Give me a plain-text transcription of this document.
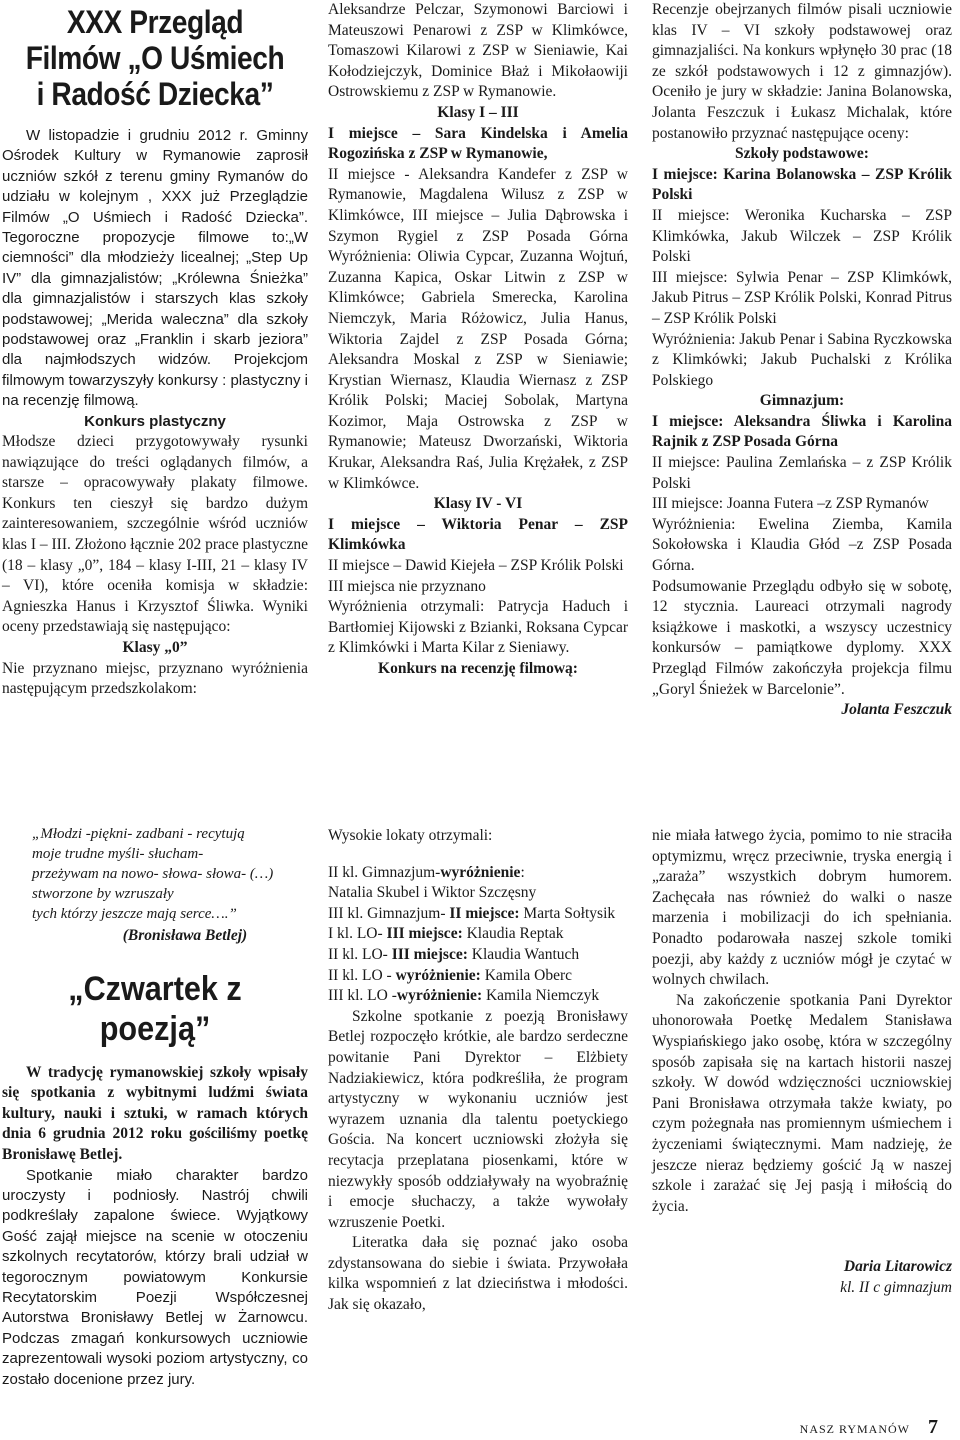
XXX Przegląd
Filmów „O Uśmiech
i Radość Dziecka”

W listopadzie i grudniu 2012 r. Gminny Ośrodek Kultury w Rymanowie zaprosił uczniów szkół z terenu gminy Rymanów do udziału w kolejnym , XXX już Przeglądzie Filmów „O Uśmiech i Radość Dziecka”. Tegoroczne propozycje filmowe to:„W ciemności” dla młodzieży licealnej; „Step Up IV” dla gimnazjalistów; „Królewna Śnieżka” dla gimnazjalistów i starszych klas szkoły podstawowej; „Merida waleczna” dla szkoły podstawowej oraz „Franklin i skarb jeziora” dla najmłodszych widzów. Projekcjom filmowym towarzyszyły konkursy : plastyczny i na recenzję filmową.

Konkurs plastyczny

Młodsze dzieci przygotowywały rysunki nawiązujące do treści oglądanych filmów, a starsze – opracowywały plakaty filmowe. Konkurs ten cieszył się bardzo dużym zainteresowaniem, szczególnie wśród uczniów klas I – III. Złożono łącznie 202 prace plastyczne (18 – klasy „0”, 184 – klasy I-III, 21 – klasy IV – VI), które oceniła komisja w składzie: Agnieszka Hanus i Krzysztof Śliwka. Wyniki oceny przedstawiają się następująco:

Klasy „0”

Nie przyznano miejsc, przyznano wyróżnienia następującym przedszkolakom:

Aleksandrze Pelczar, Szymonowi Barciowi i Mateuszowi Penarowi z ZSP w Klimkówce, Tomaszowi Kilarowi z ZSP w Sieniawie, Kai Kołodziejczyk, Dominice Błaż i Mikołaowiji Ostrowskiemu z ZSP w Rymanowie.

Klasy I – III

I miejsce – Sara Kindelska i Amelia Rogozińska z ZSP w Rymanowie,

II miejsce - Aleksandra Kandefer z ZSP w Rymanowie, Magdalena Wilusz z ZSP w Klimkówce, III miejsce – Julia Dąbrowska i Szymon Rygiel z ZSP Posada Górna Wyróżnienia: Oliwia Cypcar, Zuzanna Wojtuń, Zuzanna Kapica, Oskar Litwin z ZSP w Klimkówce; Gabriela Smerecka, Karolina Niemczyk, Maria Różowicz, Julia Hanus, Wiktoria Zajdel z ZSP Posada Górna; Aleksandra Moskal z ZSP w Sieniawie; Krystian Wiernasz, Klaudia Wiernasz z ZSP Królik Polski; Maciej Sobolak, Martyna Kozimor, Maja Ostrowska z ZSP w Rymanowie; Mateusz Dworzański, Wiktoria Krukar, Aleksandra Raś, Julia Krężałek, z ZSP w Klimkówce.

Klasy IV - VI

I miejsce – Wiktoria Penar – ZSP Klimkówka

II miejsce – Dawid Kiejeła – ZSP Królik Polski
III miejsca nie przyznano
Wyróżnienia otrzymali: Patrycja Haduch i Bartłomiej Kijowski z Bzianki, Roksana Cypcar z Klimkówki i Marta Kilar z Sieniawy.

Konkurs na recenzję filmową:

Recenzje obejrzanych filmów pisali uczniowie klas IV – VI szkoły podstawowej oraz gimnazjaliści. Na konkurs wpłynęło 30 prac (18 ze szkół podstawowych i 12 z gimnazjów). Oceniło je jury w składzie: Janina Bolanowska, Jolanta Feszczuk i Łukasz Michalak, które postanowiło przyznać następujące oceny:

Szkoły podstawowe:

I miejsce: Karina Bolanowska – ZSP Królik Polski

II miejsce: Weronika Kucharska – ZSP Klimkówka, Jakub Wilczek – ZSP Królik Polski
III miejsce: Sylwia Penar – ZSP Klimkówk, Jakub Pitrus – ZSP Królik Polski, Konrad Pitrus – ZSP Królik Polski
Wyróżnienia: Jakub Penar i Sabina Ryczkowska z Klimkówki; Jakub Puchalski z Królika Polskiego

Gimnazjum:

I miejsce: Aleksandra Śliwka i Karolina Rajnik z ZSP Posada Górna

II miejsce: Paulina Zemlańska – z ZSP Królik Polski
III miejsce: Joanna Futera –z ZSP Rymanów
Wyróżnienia: Ewelina Ziemba, Kamila Sokołowska i Klaudia Głód –z ZSP Posada Górna.

Podsumowanie Przeglądu odbyło się w sobotę, 12 stycznia. Laureaci otrzymali nagrody książkowe i maskotki, a wszyscy uczestnicy konkursów – pamiątkowe dyplomy. XXX Przegląd Filmów zakończyła projekcja filmu „Goryl Śnieżek w Barcelonie”.

Jolanta Feszczuk

„Młodzi -piękni- zadbani - recytują
moje trudne myśli- słucham-
przeżywam na nowo- słowa- słowa- (…)
stworzone by wzruszały
tych którzy jeszcze mają serce….”

(Bronisława Betlej)

„Czwartek z poezją”

W tradycję rymanowskiej szkoły wpisały się spotkania z wybitnymi ludźmi świata kultury, nauki i sztuki, w ramach których dnia 6 grudnia 2012 roku gościliśmy poetkę Bronisławę Betlej.

Spotkanie miało charakter bardzo uroczysty i podniosły. Nastrój chwili podkreślały zapalone świece. Wyjątkowy Gość zajął miejsce na scenie w otoczeniu szkolnych recytatorów, którzy brali udział w tegorocznym powiatowym Konkursie Recytatorskim Poezji Współczesnej Autorstwa Bronisławy Betlej w Żarnowcu. Podczas zmagań konkursowych uczniowie zaprezentowali wysoki poziom artystyczny, co zostało docenione przez jury.

Wysokie lokaty otrzymali:

II kl. Gimnazjum-wyróżnienie:

Natalia Skubel i Wiktor Szczęsny

III kl. Gimnazjum- II miejsce: Marta Sołtysik

I kl. LO- III miejsce: Klaudia Reptak

II kl. LO- III miejsce: Klaudia Wantuch

II kl. LO - wyróżnienie: Kamila Oberc

III kl. LO -wyróżnienie: Kamila Niemczyk

Szkolne spotkanie z poezją Bronisławy Betlej rozpoczęło krótkie, ale bardzo serdeczne powitanie Pani Dyrektor – Elżbiety Nadziakiewicz, która podkreśliła, że program artystyczny w wykonaniu uczniów jest wyrazem uznania dla talentu poetyckiego Gościa. Na koncert uczniowski złożyła się recytacja przeplatana piosenkami, które w niezwykły sposób oddziaływały na wyobraźnię i emocje słuchaczy, a także wywołały wzruszenie Poetki.

Literatka dała się poznać jako osoba zdystansowana do siebie i świata. Przywołała kilka wspomnień z lat dzieciństwa i młodości. Jak się okazało,

nie miała łatwego życia, pomimo to nie straciła optymizmu, wręcz przeciwnie, tryska energią i „zaraża” wszystkich dobrym humorem. Zachęcała nas również do walki o nasze marzenia i mobilizacji do ich spełniania. Ponadto podarowała naszej szkole tomiki poezji, aby każdy z uczniów mógł je czytać w wolnych chwilach.

Na zakończenie spotkania Pani Dyrektor uhonorowała Poetkę Medalem Stanisława Wyspiańskiego jako osobę, która w szczególny sposób zapisała się na kartach historii naszej szkoły. W dowód wdzięczności uczniowskiej Pani Bronisława otrzymała także kwiaty, po czym pożegnała nas promiennym uśmiechem i życzeniami świątecznymi. Mam nadzieję, że jeszcze nieraz będziemy gościć Ją w naszej szkole i zarażać się Jej pasją i miłością do życia.

Daria Litarowicz

kl. II c gimnazjum

NASZ RYMANÓW 7
